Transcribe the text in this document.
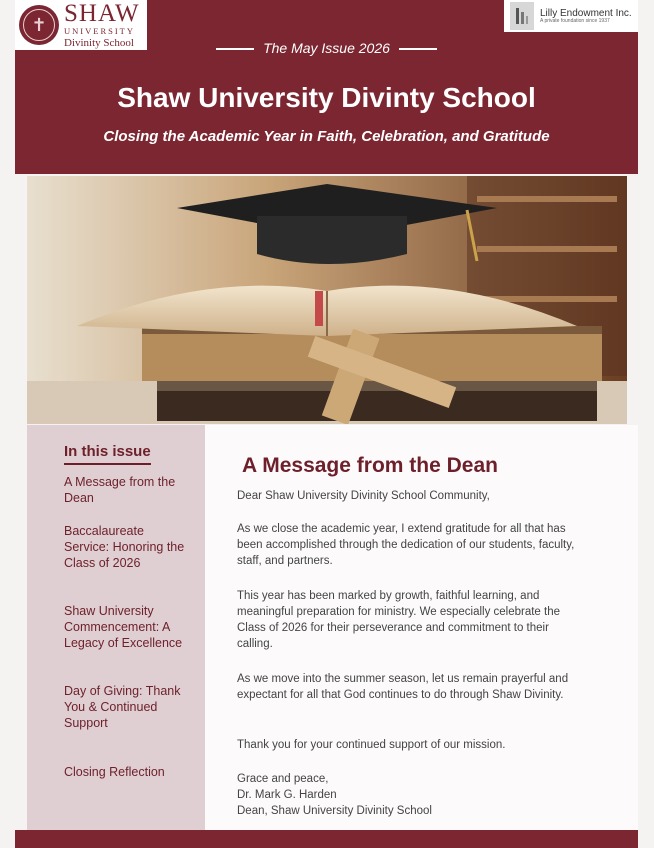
✝ SHAW
UNIVERSITY
Divinity School
Lilly Endowment Inc.
A private foundation since 1937
The May Issue 2026
Shaw University Divinty School
Closing the Academic Year in Faith, Celebration, and Gratitude
In this issue
A Message from the Dean
Baccalaureate Service: Honoring the Class of 2026
Shaw University Commencement: A Legacy of Excellence
Day of Giving: Thank You & Continued Support
Closing Reflection
A Message from the Dean
Dear Shaw University Divinity School Community,
As we close the academic year, I extend gratitude for all that has been accomplished through the dedication of our students, faculty, staff, and partners.
This year has been marked by growth, faithful learning, and meaningful preparation for ministry. We especially celebrate the Class of 2026 for their perseverance and commitment to their calling.
As we move into the summer season, let us remain prayerful and expectant for all that God continues to do through Shaw Divinity.
Thank you for your continued support of our mission.
Grace and peace,
Dr. Mark G. Harden
Dean, Shaw University Divinity School
